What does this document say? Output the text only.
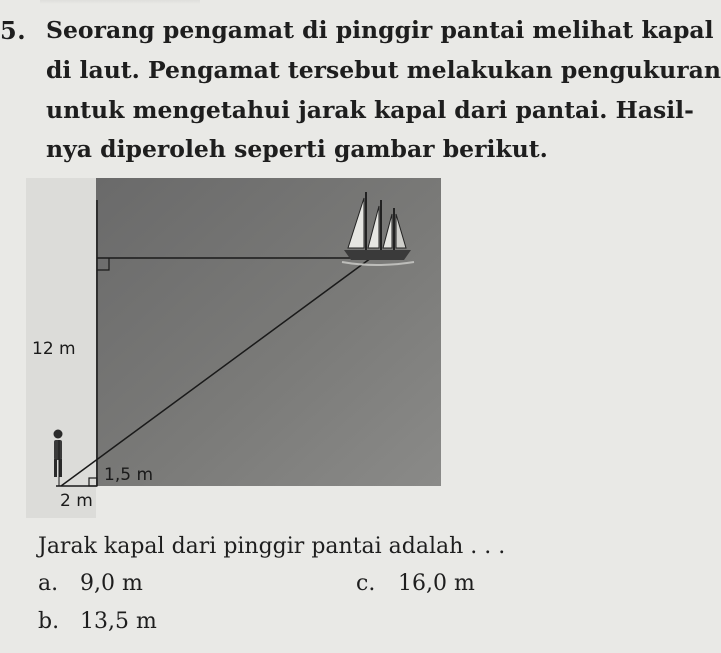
5. Seorang pengamat di pinggir pantai melihat kapal
di laut. Pengamat tersebut melakukan pengukuran
untuk mengetahui jarak kapal dari pantai. Hasil-
nya diperoleh seperti gambar berikut.
12 m
1,5 m
2 m
Jarak kapal dari pinggir pantai adalah . . .
a. 9,0 m
b. 13,5 m
c. 16,0 m
